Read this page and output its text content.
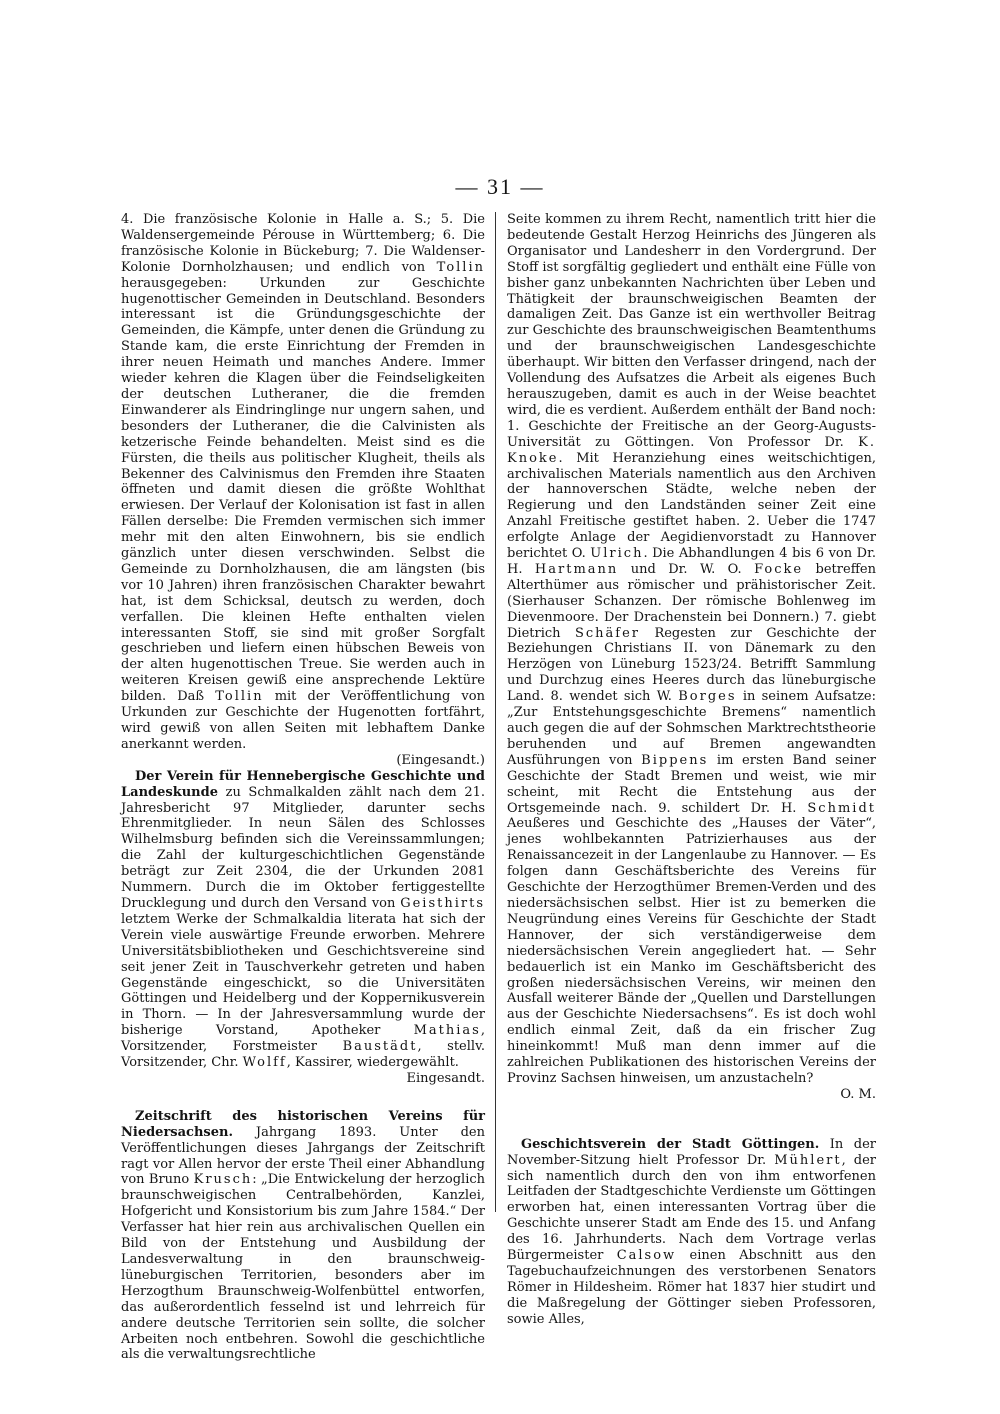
— 31 —

4. Die französische Kolonie in Halle a. S.; 5. Die Waldensergemeinde Pérouse in Württemberg; 6. Die französische Kolonie in Bückeburg; 7. Die Waldenser-Kolonie Dornholzhausen; und endlich von Tollin herausgegeben: Urkunden zur Geschichte hugenottischer Gemeinden in Deutschland. Besonders interessant ist die Gründungsgeschichte der Gemeinden, die Kämpfe, unter denen die Gründung zu Stande kam, die erste Einrichtung der Fremden in ihrer neuen Heimath und manches Andere. Immer wieder kehren die Klagen über die Feindseligkeiten der deutschen Lutheraner, die die fremden Einwanderer als Eindringlinge nur ungern sahen, und besonders der Lutheraner, die die Calvinisten als ketzerische Feinde behandelten. Meist sind es die Fürsten, die theils aus politischer Klugheit, theils als Bekenner des Calvinismus den Fremden ihre Staaten öffneten und damit diesen die größte Wohlthat erwiesen. Der Verlauf der Kolonisation ist fast in allen Fällen derselbe: Die Fremden vermischen sich immer mehr mit den alten Einwohnern, bis sie endlich gänzlich unter diesen verschwinden. Selbst die Gemeinde zu Dornholzhausen, die am längsten (bis vor 10 Jahren) ihren französischen Charakter bewahrt hat, ist dem Schicksal, deutsch zu werden, doch verfallen. Die kleinen Hefte enthalten vielen interessanten Stoff, sie sind mit großer Sorgfalt geschrieben und liefern einen hübschen Beweis von der alten hugenottischen Treue. Sie werden auch in weiteren Kreisen gewiß eine ansprechende Lektüre bilden. Daß Tollin mit der Veröffentlichung von Urkunden zur Geschichte der Hugenotten fortfährt, wird gewiß von allen Seiten mit lebhaftem Danke anerkannt werden.

(Eingesandt.)

Der Verein für Hennebergische Geschichte und Landeskunde zu Schmalkalden zählt nach dem 21. Jahresbericht 97 Mitglieder, darunter sechs Ehrenmitglieder. In neun Sälen des Schlosses Wilhelmsburg befinden sich die Vereinssammlungen; die Zahl der kulturgeschichtlichen Gegenstände beträgt zur Zeit 2304, die der Urkunden 2081 Nummern. Durch die im Oktober fertiggestellte Drucklegung und durch den Versand von Geisthirts letztem Werke der Schmalkaldia literata hat sich der Verein viele auswärtige Freunde erworben. Mehrere Universitätsbibliotheken und Geschichtsvereine sind seit jener Zeit in Tauschverkehr getreten und haben Gegenstände eingeschickt, so die Universitäten Göttingen und Heidelberg und der Koppernikusverein in Thorn. — In der Jahresversammlung wurde der bisherige Vorstand, Apotheker	Mathias, Vorsitzender, Forstmeister Baustädt, stellv. Vorsitzender, Chr. Wolff, Kassirer, wiedergewählt.

Eingesandt.

Zeitschrift des historischen Vereins für Niedersachsen. Jahrgang 1893. Unter den Veröffentlichungen dieses Jahrgangs der Zeitschrift ragt vor Allen hervor der erste Theil einer Abhandlung von Bruno Krusch: „Die Entwickelung der herzoglich braunschweigischen Centralbehörden, Kanzlei, Hofgericht und Konsistorium bis zum Jahre 1584.“ Der Verfasser hat hier rein aus archivalischen Quellen ein Bild von der Entstehung und Ausbildung der Landesverwaltung in den braunschweig-lüneburgischen Territorien, besonders aber im Herzogthum Braunschweig-Wolfenbüttel entworfen, das außerordentlich fesselnd ist und lehrreich für andere deutsche Territorien sein sollte, die solcher Arbeiten noch entbehren. Sowohl die geschichtliche als die verwaltungsrechtliche

Seite kommen zu ihrem Recht, namentlich tritt hier die bedeutende Gestalt Herzog Heinrichs des Jüngeren als Organisator und Landesherr in den Vordergrund. Der Stoff ist sorgfältig gegliedert und enthält eine Fülle von bisher ganz unbekannten Nachrichten über Leben und Thätigkeit der braunschweigischen Beamten der damaligen Zeit. Das Ganze ist ein werthvoller Beitrag zur Geschichte des braunschweigischen Beamtenthums und der braunschweigischen Landesgeschichte überhaupt. Wir bitten den Verfasser dringend, nach der Vollendung des Aufsatzes die Arbeit als eigenes Buch herauszugeben, damit es auch in der Weise beachtet wird, die es verdient. Außerdem enthält der Band noch: 1. Geschichte der Freitische an der Georg-Augusts-Universität zu Göttingen. Von Professor Dr. K. Knoke. Mit Heranziehung eines weitschichtigen, archivalischen Materials namentlich aus den Archiven der hannoverschen Städte, welche neben der Regierung und den Landständen seiner Zeit eine Anzahl Freitische gestiftet haben. 2. Ueber die 1747 erfolgte Anlage der Aegidienvorstadt zu Hannover berichtet O. Ulrich. Die Abhandlungen 4 bis 6 von Dr. H. Hartmann und Dr. W. O. Focke betreffen Alterthümer aus römischer und prähistorischer Zeit. (Sierhauser Schanzen. Der römische Bohlenweg im Dievenmoore. Der Drachenstein bei Donnern.) 7. giebt Dietrich Schäfer Regesten zur Geschichte der Beziehungen Christians II. von Dänemark zu den Herzögen von Lüneburg 1523/24. Betrifft Sammlung und Durchzug eines Heeres durch das lüneburgische Land. 8. wendet sich W. Borges in seinem Aufsatze: „Zur Entstehungsgeschichte Bremens“ namentlich auch gegen die auf der Sohmschen Marktrechtstheorie beruhenden und auf Bremen angewandten Ausführungen von Bippens im ersten Band seiner Geschichte der Stadt Bremen und weist, wie mir scheint, mit Recht die Entstehung aus der Ortsgemeinde nach. 9. schildert Dr. H. Schmidt Aeußeres und Geschichte des „Hauses der Väter“, jenes wohlbekannten Patrizierhauses aus der Renaissancezeit in der Langenlaube zu Hannover. — Es folgen dann Geschäftsberichte des Vereins für Geschichte der Herzogthümer Bremen-Verden und des niedersächsischen selbst. Hier ist zu bemerken die Neugründung eines Vereins für Geschichte der Stadt Hannover, der sich verständigerweise dem niedersächsischen Verein angegliedert hat. — Sehr bedauerlich ist ein Manko im Geschäftsbericht des großen niedersächsischen Vereins, wir meinen den Ausfall weiterer Bände der „Quellen und Darstellungen aus der Geschichte Niedersachsens“. Es ist doch wohl endlich einmal Zeit, daß da ein frischer Zug hineinkommt! Muß man denn immer auf die zahlreichen Publikationen des historischen Vereins der Provinz Sachsen hinweisen, um anzustacheln?

O. M.

Geschichtsverein der Stadt Göttingen. In der November-Sitzung hielt Professor Dr. Mühlert, der sich namentlich durch den von ihm entworfenen Leitfaden der Stadtgeschichte Verdienste um Göttingen erworben hat, einen interessanten Vortrag über die Geschichte unserer Stadt am Ende des 15. und Anfang des 16. Jahrhunderts. Nach dem Vortrage verlas Bürgermeister Calsow einen Abschnitt aus den Tagebuchaufzeichnungen des verstorbenen Senators Römer in Hildesheim. Römer hat 1837 hier studirt und die Maßregelung der Göttinger sieben Professoren, sowie Alles,
